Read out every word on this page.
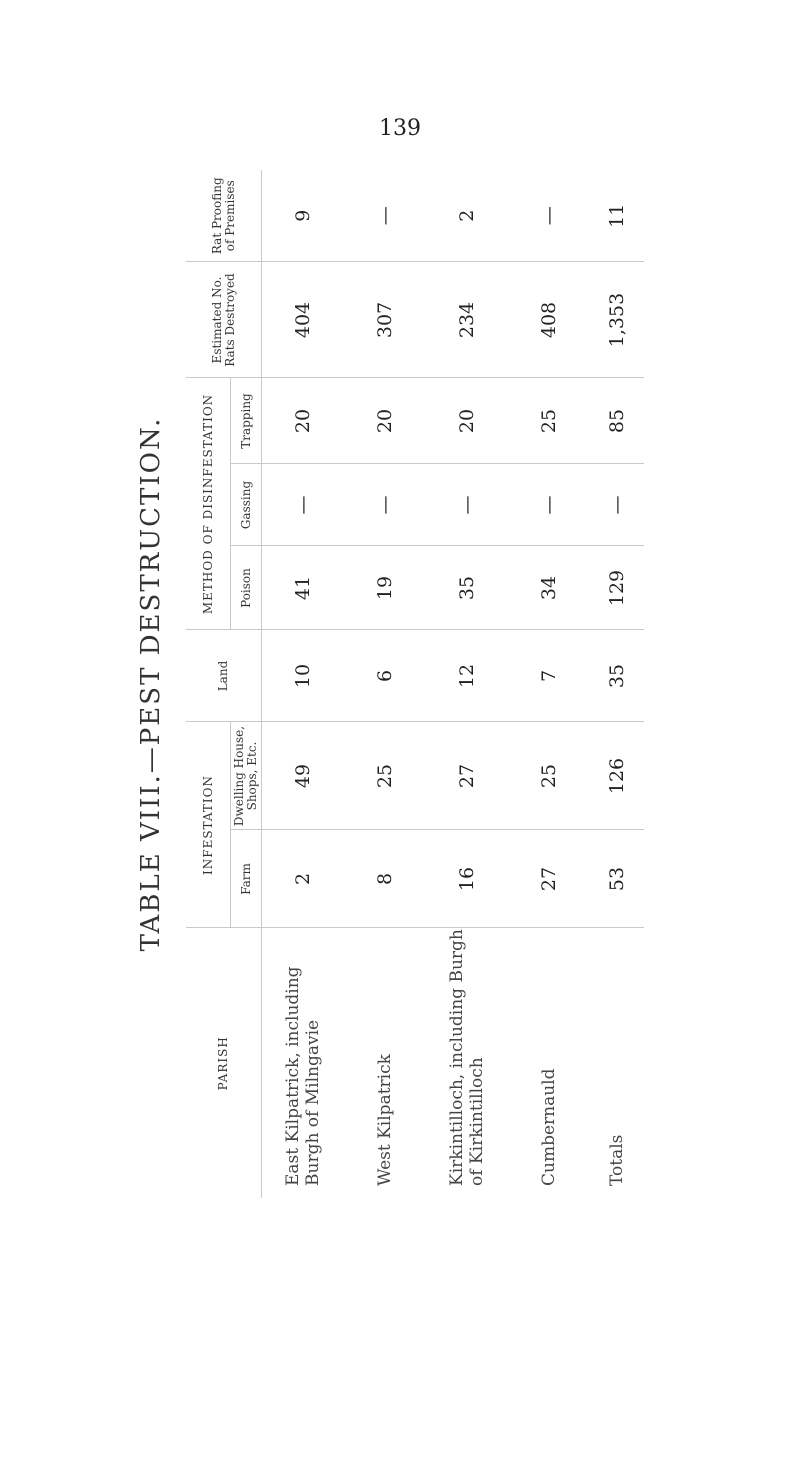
139
TABLE VIII.—PEST DESTRUCTION.
PARISH	INFESTATION		Land	METHOD OF DISINFESTATION			Estimated No. Rats Destroyed	Rat Proofing of Premises
	Farm	Dwelling House, Shops, Etc.		Poison	Gassing	Trapping		
East Kilpatrick, including Burgh of Milngavie	2	49	10	41	—	20	404	9
West Kilpatrick	8	25	6	19	—	20	307	—
Kirkintilloch, including Burgh of Kirkintilloch	16	27	12	35	—	20	234	2
Cumbernauld	27	25	7	34	—	25	408	—
Totals	53	126	35	129	—	85	1,353	11
